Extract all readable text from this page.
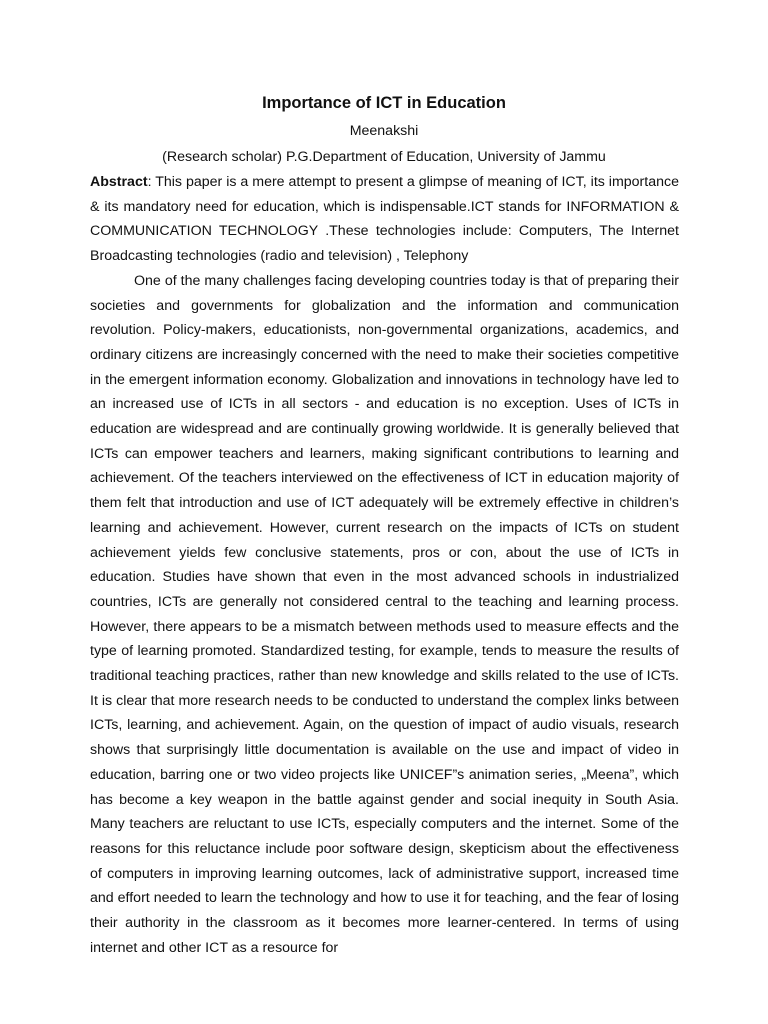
Importance of ICT in Education
Meenakshi
(Research scholar) P.G.Department of Education, University of Jammu

Abstract: This paper is a mere attempt to present a glimpse of meaning of ICT, its importance & its mandatory need for education, which is indispensable.ICT stands for INFORMATION & COMMUNICATION TECHNOLOGY .These technologies include: Computers, The Internet Broadcasting technologies (radio and television) , Telephony

One of the many challenges facing developing countries today is that of preparing their societies and governments for globalization and the information and communication revolution. Policy-makers, educationists, non-governmental organizations, academics, and ordinary citizens are increasingly concerned with the need to make their societies competitive in the emergent information economy. Globalization and innovations in technology have led to an increased use of ICTs in all sectors - and education is no exception. Uses of ICTs in education are widespread and are continually growing worldwide. It is generally believed that ICTs can empower teachers and learners, making significant contributions to learning and achievement. Of the teachers interviewed on the effectiveness of ICT in education majority of them felt that introduction and use of ICT adequately will be extremely effective in children’s learning and achievement. However, current research on the impacts of ICTs on student achievement yields few conclusive statements, pros or con, about the use of ICTs in education. Studies have shown that even in the most advanced schools in industrialized countries, ICTs are generally not considered central to the teaching and learning process. However, there appears to be a mismatch between methods used to measure effects and the type of learning promoted. Standardized testing, for example, tends to measure the results of traditional teaching practices, rather than new knowledge and skills related to the use of ICTs. It is clear that more research needs to be conducted to understand the complex links between ICTs, learning, and achievement. Again, on the question of impact of audio visuals, research shows that surprisingly little documentation is available on the use and impact of video in education, barring one or two video projects like UNICEF”s animation series, „Meena”, which has become a key weapon in the battle against gender and social inequity in South Asia. Many teachers are reluctant to use ICTs, especially computers and the internet. Some of the reasons for this reluctance include poor software design, skepticism about the effectiveness of computers in improving learning outcomes, lack of administrative support, increased time and effort needed to learn the technology and how to use it for teaching, and the fear of losing their authority in the classroom as it becomes more learner-centered. In terms of using internet and other ICT as a resource for
